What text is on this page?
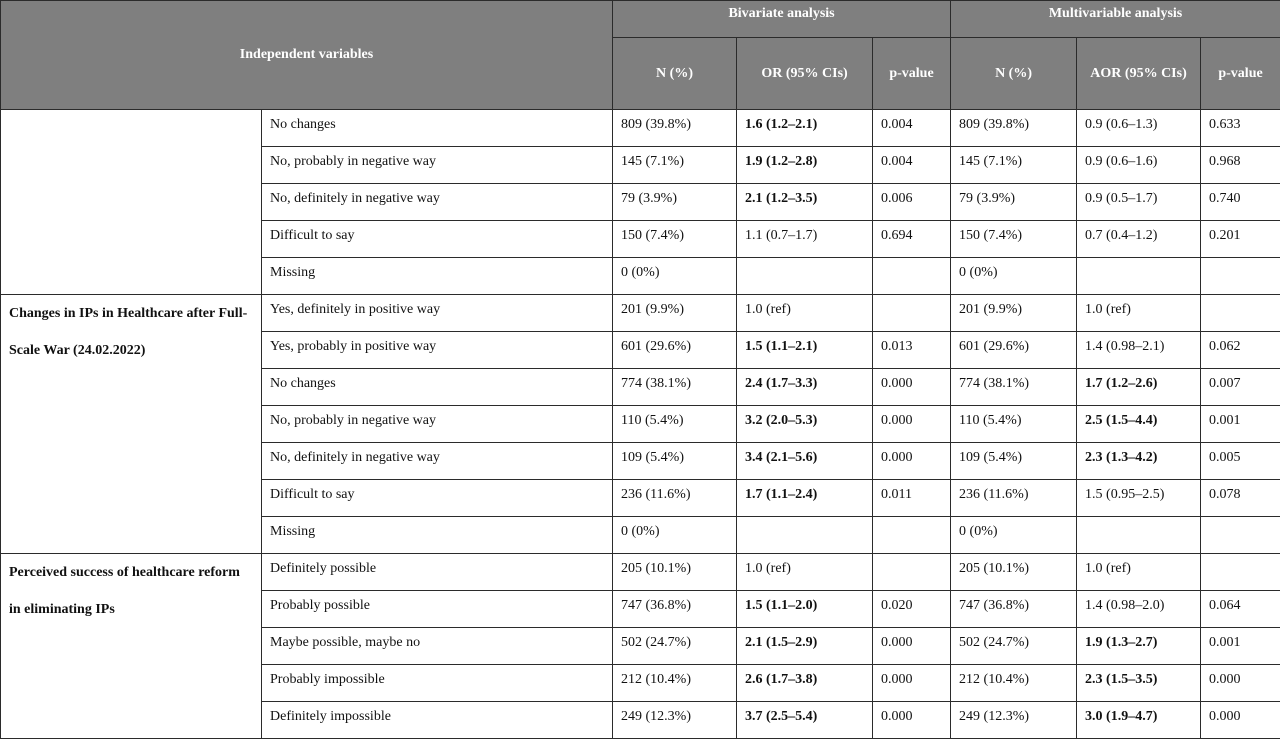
Independent variables		Bivariate analysis			Multivariable analysis		
		N (%)	OR (95% CIs)	p-value	N (%)	AOR (95% CIs)	p-value
	No changes	809 (39.8%)	1.6 (1.2–2.1)	0.004	809 (39.8%)	0.9 (0.6–1.3)	0.633
	No, probably in negative way	145 (7.1%)	1.9 (1.2–2.8)	0.004	145 (7.1%)	0.9 (0.6–1.6)	0.968
	No, definitely in negative way	79 (3.9%)	2.1 (1.2–3.5)	0.006	79 (3.9%)	0.9 (0.5–1.7)	0.740
	Difficult to say	150 (7.4%)	1.1 (0.7–1.7)	0.694	150 (7.4%)	0.7 (0.4–1.2)	0.201
	Missing	0 (0%)			0 (0%)		
Changes in IPs in Healthcare after Full-Scale War (24.02.2022)	Yes, definitely in positive way	201 (9.9%)	1.0 (ref)		201 (9.9%)	1.0 (ref)	
	Yes, probably in positive way	601 (29.6%)	1.5 (1.1–2.1)	0.013	601 (29.6%)	1.4 (0.98–2.1)	0.062
	No changes	774 (38.1%)	2.4 (1.7–3.3)	0.000	774 (38.1%)	1.7 (1.2–2.6)	0.007
	No, probably in negative way	110 (5.4%)	3.2 (2.0–5.3)	0.000	110 (5.4%)	2.5 (1.5–4.4)	0.001
	No, definitely in negative way	109 (5.4%)	3.4 (2.1–5.6)	0.000	109 (5.4%)	2.3 (1.3–4.2)	0.005
	Difficult to say	236 (11.6%)	1.7 (1.1–2.4)	0.011	236 (11.6%)	1.5 (0.95–2.5)	0.078
	Missing	0 (0%)			0 (0%)		
Perceived success of healthcare reform in eliminating IPs	Definitely possible	205 (10.1%)	1.0 (ref)		205 (10.1%)	1.0 (ref)	
	Probably possible	747 (36.8%)	1.5 (1.1–2.0)	0.020	747 (36.8%)	1.4 (0.98–2.0)	0.064
	Maybe possible, maybe no	502 (24.7%)	2.1 (1.5–2.9)	0.000	502 (24.7%)	1.9 (1.3–2.7)	0.001
	Probably impossible	212 (10.4%)	2.6 (1.7–3.8)	0.000	212 (10.4%)	2.3 (1.5–3.5)	0.000
	Definitely impossible	249 (12.3%)	3.7 (2.5–5.4)	0.000	249 (12.3%)	3.0 (1.9–4.7)	0.000
